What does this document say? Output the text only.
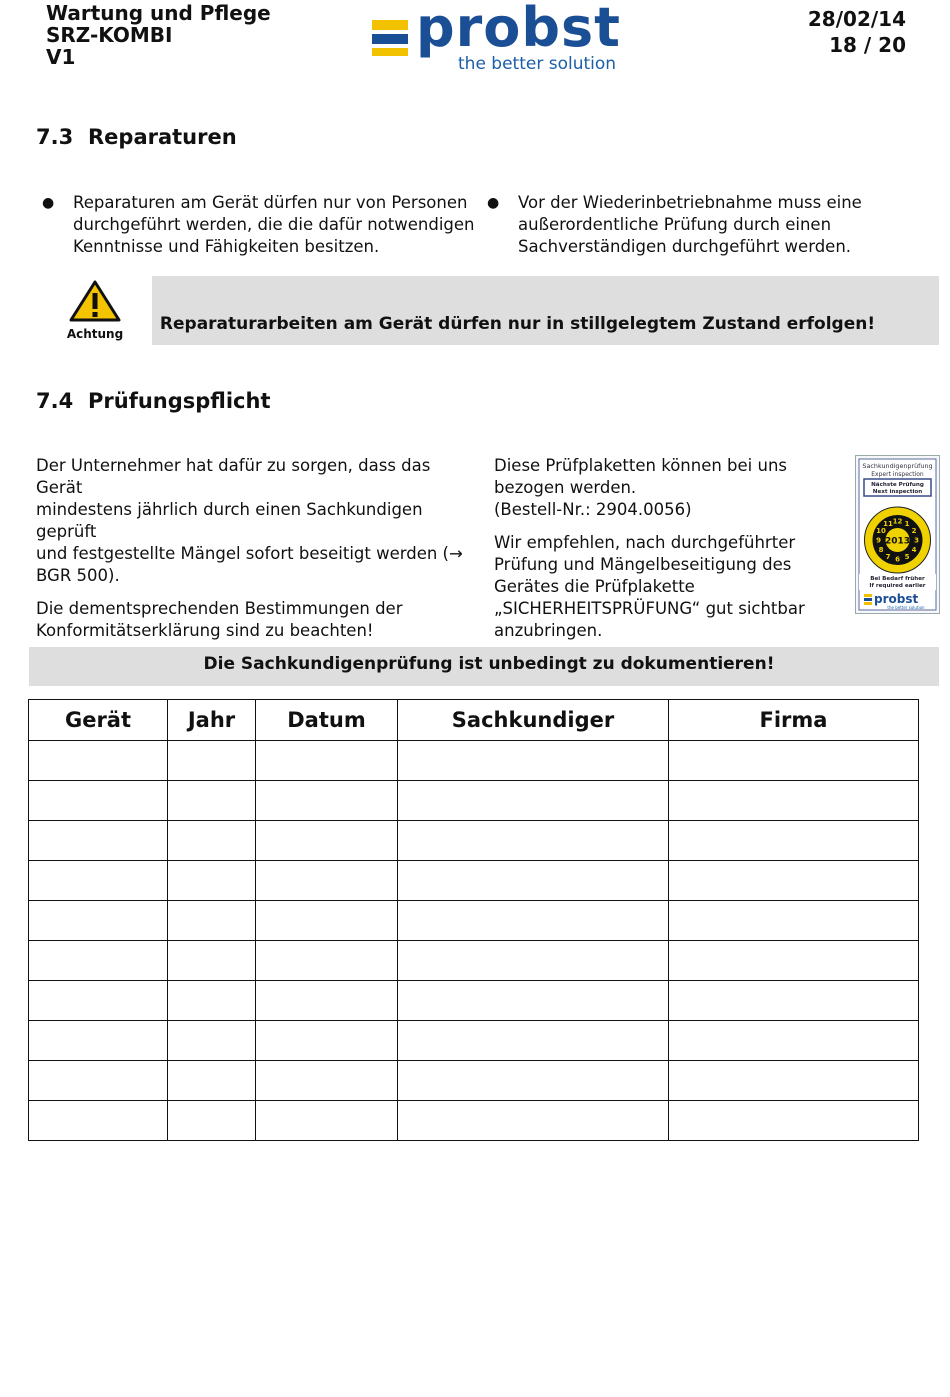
Wartung und Pflege
SRZ-KOMBI
V1	probst
the better solution
28/02/14
18 / 20
7.3 Reparaturen
● Reparaturen am Gerät dürfen nur von Personen
durchgeführt werden, die die dafür notwendigen
Kenntnisse und Fähigkeiten besitzen.
● Vor der Wiederinbetriebnahme muss eine
außerordentliche Prüfung durch einen
Sachverständigen durchgeführt werden.
Achtung	Reparaturarbeiten am Gerät dürfen nur in stillgelegtem Zustand erfolgen!
7.4 Prüfungspflicht
Der Unternehmer hat dafür zu sorgen, dass das Gerät
mindestens jährlich durch einen Sachkundigen geprüft
und festgestellte Mängel sofort beseitigt werden (→
BGR 500).
Die dementsprechenden Bestimmungen der
Konformitätserklärung sind zu beachten!
Diese Prüfplaketten können bei uns
bezogen werden.
(Bestell-Nr.: 2904.0056)
Wir empfehlen, nach durchgeführter
Prüfung und Mängelbeseitigung des
Gerätes die Prüfplakette
„SICHERHEITSPRÜFUNG“ gut sichtbar
anzubringen.
Sachkundigenprüfung
Expert inspection
Nächste Prüfung
Next inspection
1
2
3
4
5
6
7
8
9
10
11 12
2013
Bei Bedarf früher
If required earlier
probst
the better solution
Die Sachkundigenprüfung ist unbedingt zu dokumentieren!
Gerät	Jahr	Datum	Sachkundiger	Firma
